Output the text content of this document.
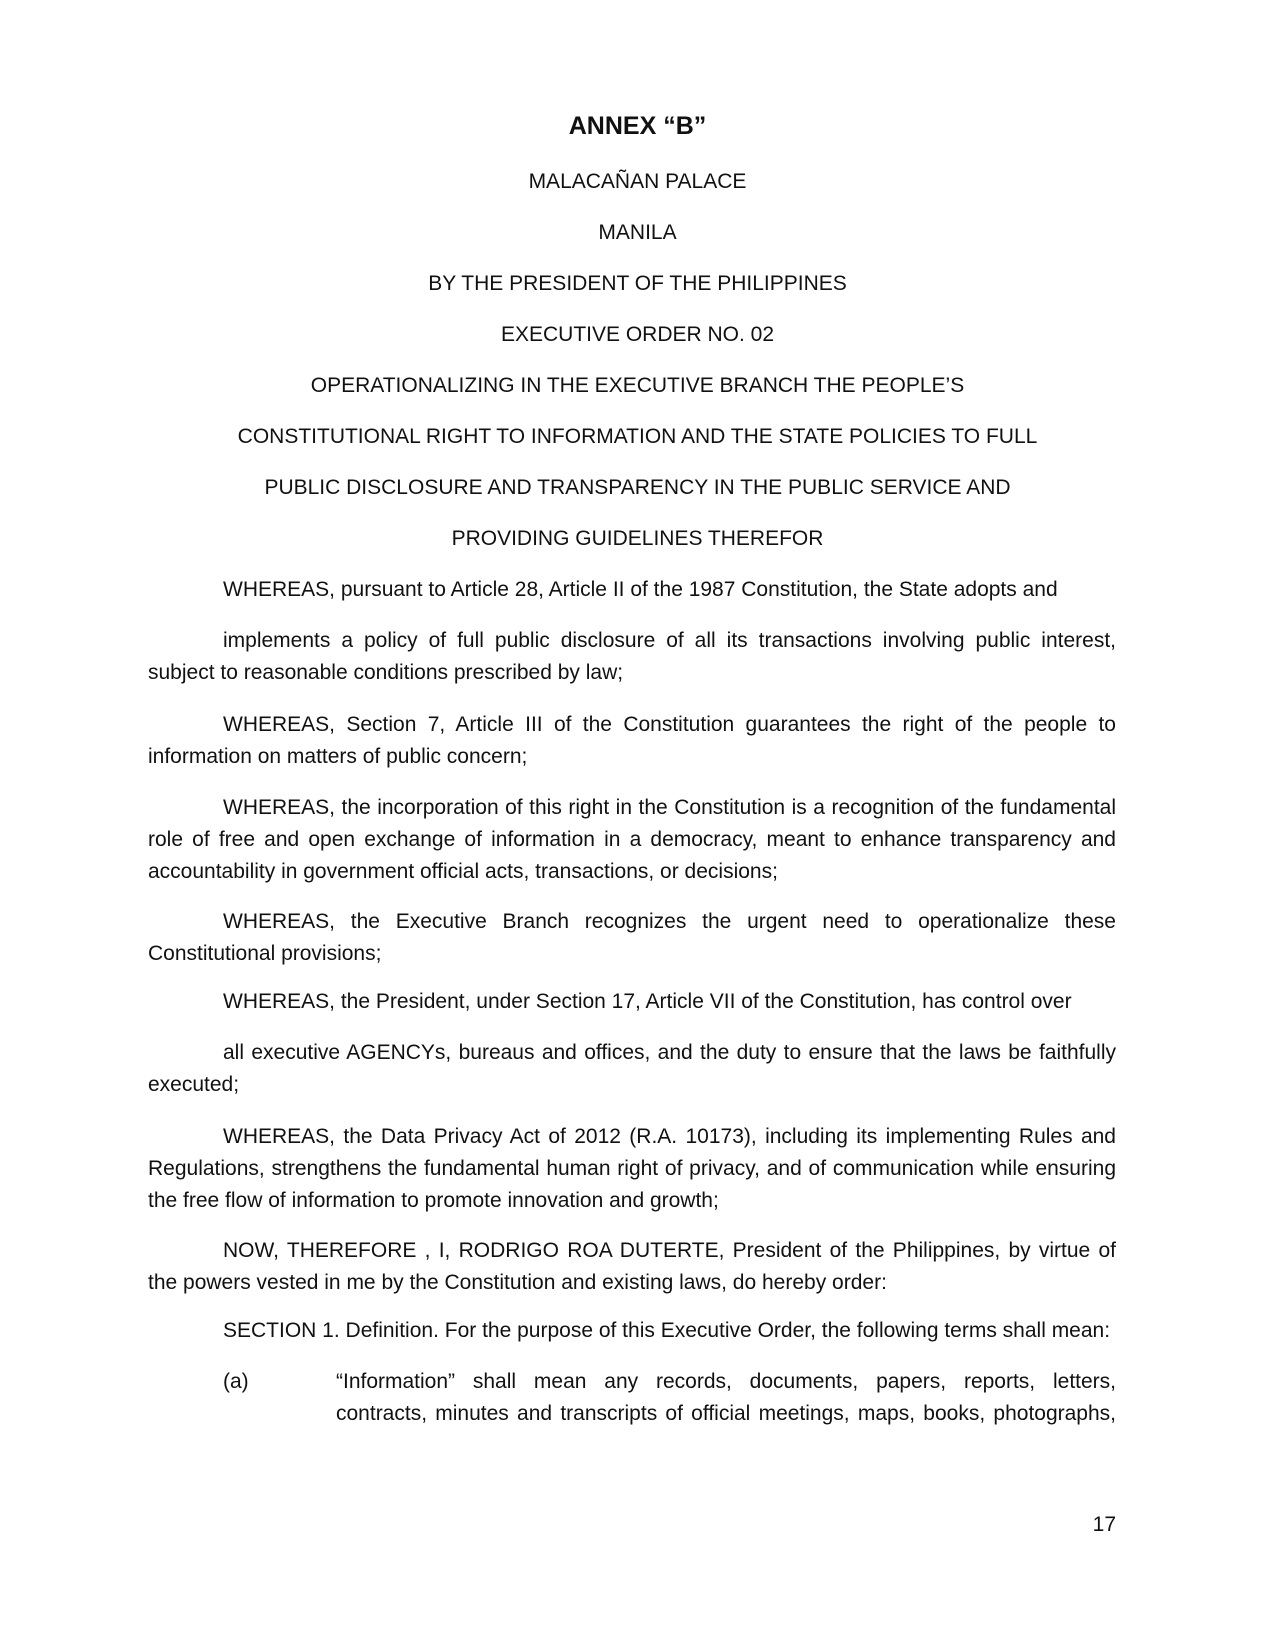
ANNEX “B”
MALACAÑAN PALACE
MANILA
BY THE PRESIDENT OF THE PHILIPPINES
EXECUTIVE ORDER NO. 02
OPERATIONALIZING IN THE EXECUTIVE BRANCH THE PEOPLE’S
CONSTITUTIONAL RIGHT TO INFORMATION AND THE STATE POLICIES TO FULL
PUBLIC DISCLOSURE AND TRANSPARENCY IN THE PUBLIC SERVICE AND
PROVIDING GUIDELINES THEREFOR
WHEREAS, pursuant to Article 28, Article II of the 1987 Constitution, the State adopts and
implements a policy of full public disclosure of all its transactions involving public interest, subject to reasonable conditions prescribed by law;
WHEREAS, Section 7, Article III of the Constitution guarantees the right of the people to information on matters of public concern;
WHEREAS, the incorporation of this right in the Constitution is a recognition of the fundamental role of free and open exchange of information in a democracy, meant to enhance transparency and accountability in government official acts, transactions, or decisions;
WHEREAS, the Executive Branch recognizes the urgent need to operationalize these Constitutional provisions;
WHEREAS, the President, under Section 17, Article VII of the Constitution, has control over
all executive AGENCYs, bureaus and offices, and the duty to ensure that the laws be faithfully executed;
WHEREAS, the Data Privacy Act of 2012 (R.A. 10173), including its implementing Rules and Regulations, strengthens the fundamental human right of privacy, and of communication while ensuring the free flow of information to promote innovation and growth;
NOW, THEREFORE , I, RODRIGO ROA DUTERTE, President of the Philippines, by virtue of the powers vested in me by the Constitution and existing laws, do hereby order:
SECTION 1. Definition. For the purpose of this Executive Order, the following terms shall mean:
(a)	“Information” shall mean any records, documents, papers, reports, letters, contracts, minutes and transcripts of official meetings, maps, books, photographs,
17
